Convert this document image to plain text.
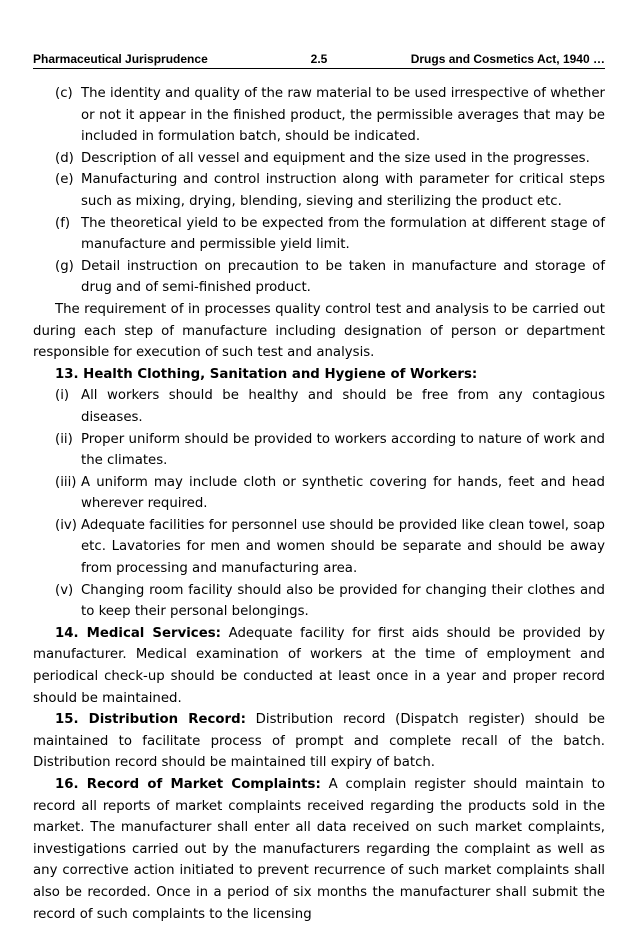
Pharmaceutical Jurisprudence	2.5	Drugs and Cosmetics Act, 1940 …
(c) The identity and quality of the raw material to be used irrespective of whether or not it appear in the finished product, the permissible averages that may be included in formulation batch, should be indicated.
(d) Description of all vessel and equipment and the size used in the progresses.
(e) Manufacturing and control instruction along with parameter for critical steps such as mixing, drying, blending, sieving and sterilizing the product etc.
(f) The theoretical yield to be expected from the formulation at different stage of manufacture and permissible yield limit.
(g) Detail instruction on precaution to be taken in manufacture and storage of drug and of semi-finished product.

The requirement of in processes quality control test and analysis to be carried out during each step of manufacture including designation of person or department responsible for execution of such test and analysis.

13. Health Clothing, Sanitation and Hygiene of Workers:

(i) All workers should be healthy and should be free from any contagious diseases.
(ii) Proper uniform should be provided to workers according to nature of work and the climates.
(iii) A uniform may include cloth or synthetic covering for hands, feet and head wherever required.
(iv) Adequate facilities for personnel use should be provided like clean towel, soap etc. Lavatories for men and women should be separate and should be away from processing and manufacturing area.
(v) Changing room facility should also be provided for changing their clothes and to keep their personal belongings.

14. Medical Services: Adequate facility for first aids should be provided by manufacturer. Medical examination of workers at the time of employment and periodical check-up should be conducted at least once in a year and proper record should be maintained.

15. Distribution Record: Distribution record (Dispatch register) should be maintained to facilitate process of prompt and complete recall of the batch. Distribution record should be maintained till expiry of batch.

16. Record of Market Complaints: A complain register should maintain to record all reports of market complaints received regarding the products sold in the market. The manufacturer shall enter all data received on such market complaints, investigations carried out by the manufacturers regarding the complaint as well as any corrective action initiated to prevent recurrence of such market complaints shall also be recorded. Once in a period of six months the manufacturer shall submit the record of such complaints to the licensing
